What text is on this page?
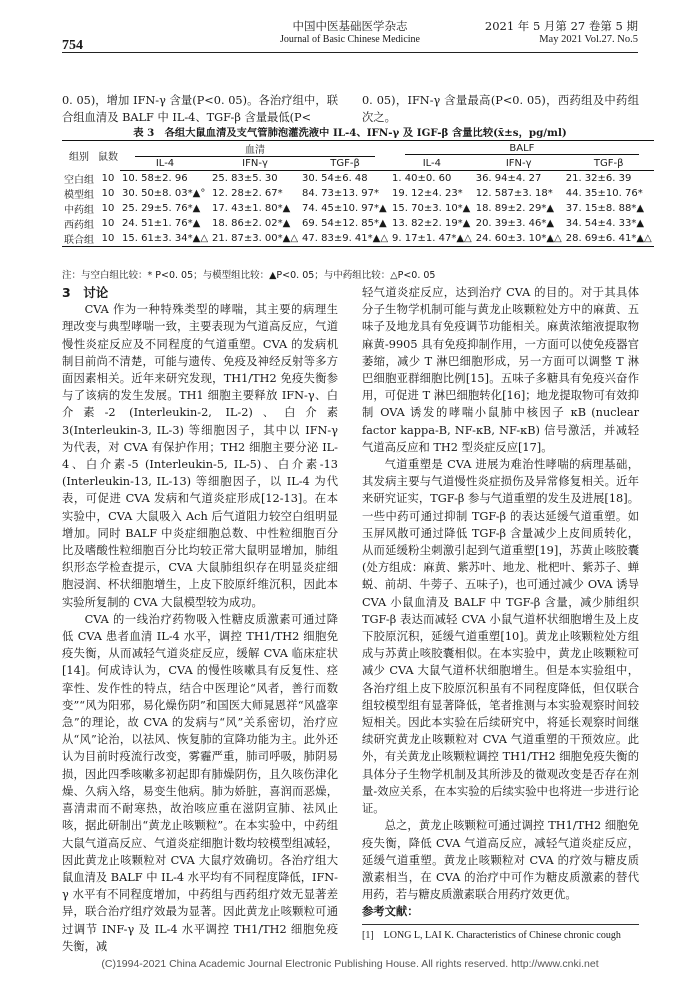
754
中国中医基础医学杂志
Journal of Basic Chinese Medicine
2021 年 5 月第 27 卷第 5 期
May 2021 Vol.27. No.5

0. 05)，增加 IFN-γ 含量(P<0. 05)。各治疗组中，联合组血清及 BALF 中 IL-4、TGF-β 含量最低(P<

0. 05)，IFN-γ 含量最高(P<0. 05)，西药组及中药组次之。

表 3　各组大鼠血清及支气管肺泡灌洗液中 IL-4、IFN-γ 及 IGF-β 含量比较(x̄±s，pg/ml)
组别	鼠数	血清			BALF		
		IL-4	IFN-γ	TGF-β	IL-4	IFN-γ	TGF-β
空白组	10	10. 58±2. 96	25. 83±5. 30	30. 54±6. 48	1. 40±0. 60	36. 94±4. 27	21. 32±6. 39
模型组	10	30. 50±8. 03*▲°	12. 28±2. 67*	84. 73±13. 97*	19. 12±4. 23*	12. 587±3. 18*	44. 35±10. 76*
中药组	10	25. 29±5. 76*▲	17. 43±1. 80*▲	74. 45±10. 97*▲	15. 70±3. 10*▲	18. 89±2. 29*▲	37. 15±8. 88*▲
西药组	10	24. 51±1. 76*▲	18. 86±2. 02*▲	69. 54±12. 85*▲	13. 82±2. 19*▲	20. 39±3. 46*▲	34. 54±4. 33*▲
联合组	10	15. 61±3. 34*▲△	21. 87±3. 00*▲△	47. 83±9. 41*▲△	9. 17±1. 47*▲△	24. 60±3. 10*▲△	28. 69±6. 41*▲△
注：与空白组比较：* P<0. 05；与模型组比较：▲P<0. 05；与中药组比较：△P<0. 05
3　讨论

CVA 作为一种特殊类型的哮喘，其主要的病理生理改变与典型哮喘一致，主要表现为气道高反应，气道慢性炎症反应及不同程度的气道重塑。CVA 的发病机制目前尚不清楚，可能与遗传、免疫及神经反射等多方面因素相关。近年来研究发现，TH1/TH2 免疫失衡参与了该病的发生发展。TH1 细胞主要释放 IFN-γ、白介素-2 (Interleukin-2, IL-2)、白介素 3(Interleukin-3, IL-3) 等细胞因子，其中以 IFN-γ 为代表，对 CVA 有保护作用；TH2 细胞主要分泌 IL-4、白介素-5 (Interleukin-5, IL-5)、白介素-13 (Interleukin-13, IL-13) 等细胞因子，以 IL-4 为代表，可促进 CVA 发病和气道炎症形成[12-13]。在本实验中，CVA 大鼠吸入 Ach 后气道阻力较空白组明显增加。同时 BALF 中炎症细胞总数、中性粒细胞百分比及嗜酸性粒细胞百分比均较正常大鼠明显增加，肺组织形态学检查提示，CVA 大鼠肺组织存在明显炎症细胞浸润、杯状细胞增生，上皮下胶原纤维沉积，因此本实验所复制的 CVA 大鼠模型较为成功。

CVA 的一线治疗药物吸入性糖皮质激素可通过降低 CVA 患者血清 IL-4 水平，调控 TH1/TH2 细胞免疫失衡，从而减轻气道炎症反应，缓解 CVA 临床症状[14]。何成诗认为，CVA 的慢性咳嗽具有反复性、痉挛性、发作性的特点，结合中医理论“风者，善行而数变”“风为阳邪，易化燥伤阴”和国医大师晁恩祥“风盛挛急”的理论，故 CVA 的发病与“风”关系密切，治疗应从“风”论治，以祛风、恢复肺的宣降功能为主。此外还认为目前时疫流行改变，雾霾严重，肺司呼吸，肺阴易损，因此四季咳嗽多初起即有肺燥阴伤，且久咳伤津化燥、久病入络，易变生他病。肺为娇脏，喜润而恶燥，喜清肃而不耐寒热，故治咳应重在滋阴宣肺、祛风止咳，据此研制出“黄龙止咳颗粒”。在本实验中，中药组大鼠气道高反应、气道炎症细胞计数均较模型组减轻，因此黄龙止咳颗粒对 CVA 大鼠疗效确切。各治疗组大鼠血清及 BALF 中 IL-4 水平均有不同程度降低，IFN-γ 水平有不同程度增加，中药组与西药组疗效无显著差异，联合治疗组疗效最为显著。因此黄龙止咳颗粒可通过调节 INF-γ 及 IL-4 水平调控 TH1/TH2 细胞免疫失衡，减

轻气道炎症反应，达到治疗 CVA 的目的。对于其具体分子生物学机制可能与黄龙止咳颗粒处方中的麻黄、五味子及地龙具有免疫调节功能相关。麻黄浓缩液提取物麻黄-9905 具有免疫抑制作用，一方面可以使免疫器官萎缩，减少 T 淋巴细胞形成，另一方面可以调整 T 淋巴细胞亚群细胞比例[15]。五味子多糖具有免疫兴奋作用，可促进 T 淋巴细胞转化[16]；地龙提取物可有效抑制 OVA 诱发的哮喘小鼠肺中核因子 κB (nuclear factor kappa-B, NF-κB, NF-κB) 信号激活，并减轻气道高反应和 TH2 型炎症反应[17]。

气道重塑是 CVA 进展为难治性哮喘的病理基础，其发病主要与气道慢性炎症损伤及异常修复相关。近年来研究证实，TGF-β 参与气道重塑的发生及进展[18]。一些中药可通过抑制 TGF-β 的表达延缓气道重塑。如玉屏风散可通过降低 TGF-β 含量减少上皮间质转化，从而延缓粉尘刺激引起到气道重塑[19]，苏黄止咳胶囊(处方组成：麻黄、紫苏叶、地龙、枇杷叶、紫苏子、蝉蜕、前胡、牛蒡子、五味子)，也可通过减少 OVA 诱导 CVA 小鼠血清及 BALF 中 TGF-β 含量，减少肺组织 TGF-β 表达而减轻 CVA 小鼠气道杯状细胞增生及上皮下胶原沉积，延缓气道重塑[10]。黄龙止咳颗粒处方组成与苏黄止咳胶囊相似。在本实验中，黄龙止咳颗粒可减少 CVA 大鼠气道杯状细胞增生。但是本实验组中，各治疗组上皮下胶原沉积虽有不同程度降低，但仅联合组较模型组有显著降低，笔者推测与本实验观察时间较短相关。因此本实验在后续研究中，将延长观察时间继续研究黄龙止咳颗粒对 CVA 气道重塑的干预效应。此外，有关黄龙止咳颗粒调控 TH1/TH2 细胞免疫失衡的具体分子生物学机制及其所涉及的微观改变是否存在剂量-效应关系，在本实验的后续实验中也将进一步进行论证。

总之，黄龙止咳颗粒可通过调控 TH1/TH2 细胞免疫失衡，降低 CVA 气道高反应，减轻气道炎症反应，延缓气道重塑。黄龙止咳颗粒对 CVA 的疗效与糖皮质激素相当，在 CVA 的治疗中可作为糖皮质激素的替代用药，若与糖皮质激素联合用药疗效更优。

参考文献：

[1]　LONG L, LAI K. Characteristics of Chinese chronic cough

(C)1994-2021 China Academic Journal Electronic Publishing House. All rights reserved. http://www.cnki.net
